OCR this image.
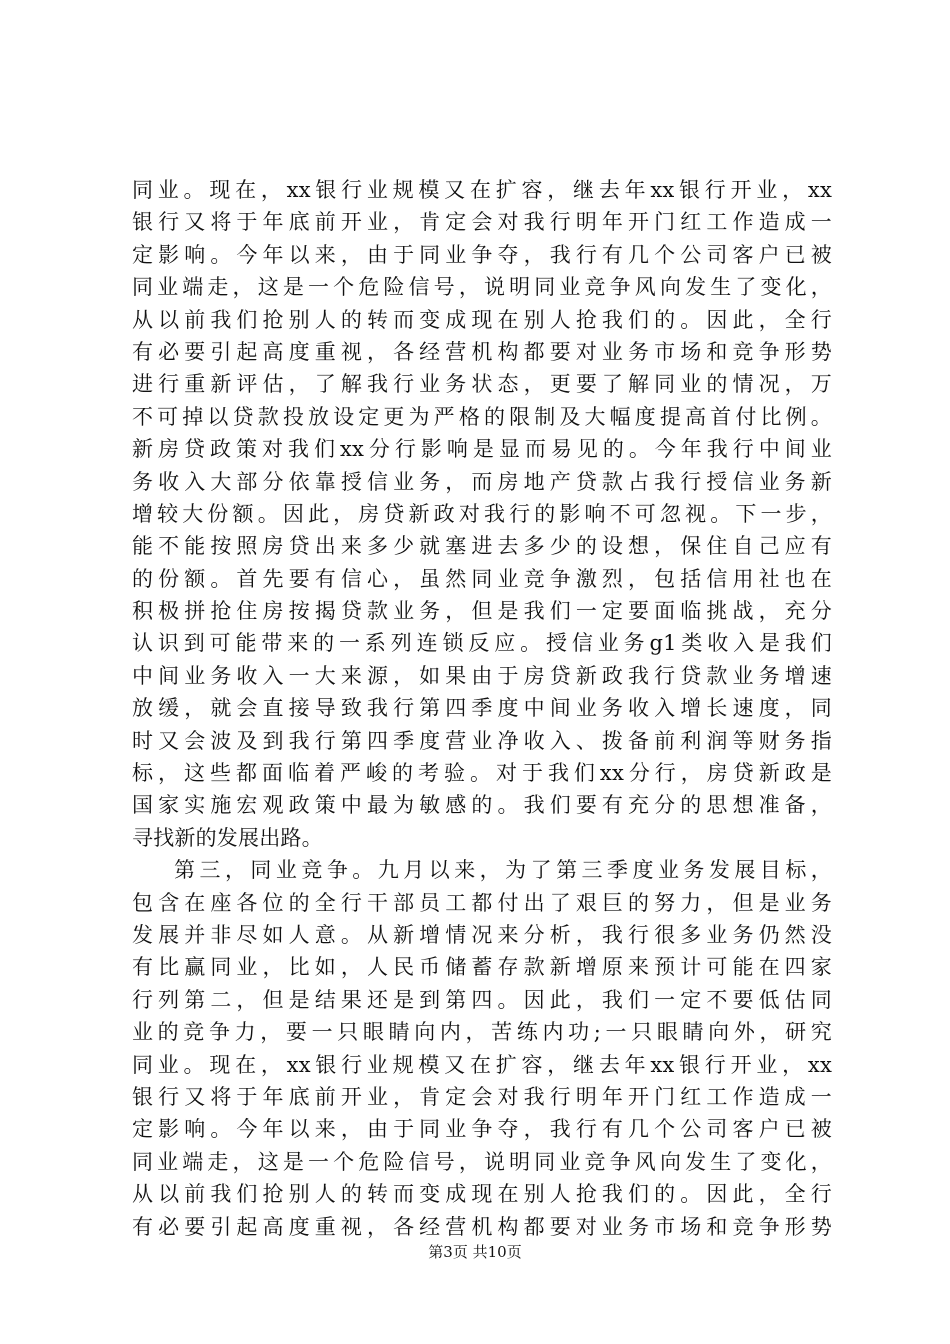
同业。现在，xx银行业规模又在扩容，继去年xx银行开业，xx
银行又将于年底前开业，肯定会对我行明年开门红工作造成一
定影响。今年以来，由于同业争夺，我行有几个公司客户已被
同业端走，这是一个危险信号，说明同业竞争风向发生了变化，
从以前我们抢别人的转而变成现在别人抢我们的。因此，全行
有必要引起高度重视，各经营机构都要对业务市场和竞争形势
进行重新评估，了解我行业务状态，更要了解同业的情况，万
不可掉以贷款投放设定更为严格的限制及大幅度提高首付比例。
新房贷政策对我们xx分行影响是显而易见的。今年我行中间业
务收入大部分依靠授信业务，而房地产贷款占我行授信业务新
增较大份额。因此，房贷新政对我行的影响不可忽视。下一步，
能不能按照房贷出来多少就塞进去多少的设想，保住自己应有
的份额。首先要有信心，虽然同业竞争激烈，包括信用社也在
积极拼抢住房按揭贷款业务，但是我们一定要面临挑战，充分
认识到可能带来的一系列连锁反应。授信业务g1类收入是我们
中间业务收入一大来源，如果由于房贷新政我行贷款业务增速
放缓，就会直接导致我行第四季度中间业务收入增长速度，同
时又会波及到我行第四季度营业净收入、拨备前利润等财务指
标，这些都面临着严峻的考验。对于我们xx分行，房贷新政是
国家实施宏观政策中最为敏感的。我们要有充分的思想准备，
寻找新的发展出路。
第三，同业竞争。九月以来，为了第三季度业务发展目标，
包含在座各位的全行干部员工都付出了艰巨的努力，但是业务
发展并非尽如人意。从新增情况来分析，我行很多业务仍然没
有比赢同业，比如，人民币储蓄存款新增原来预计可能在四家
行列第二，但是结果还是到第四。因此，我们一定不要低估同
业的竞争力，要一只眼睛向内，苦练内功;一只眼睛向外，研究
同业。现在，xx银行业规模又在扩容，继去年xx银行开业，xx
银行又将于年底前开业，肯定会对我行明年开门红工作造成一
定影响。今年以来，由于同业争夺，我行有几个公司客户已被
同业端走，这是一个危险信号，说明同业竞争风向发生了变化，
从以前我们抢别人的转而变成现在别人抢我们的。因此，全行
有必要引起高度重视，各经营机构都要对业务市场和竞争形势
第3页 共10页
